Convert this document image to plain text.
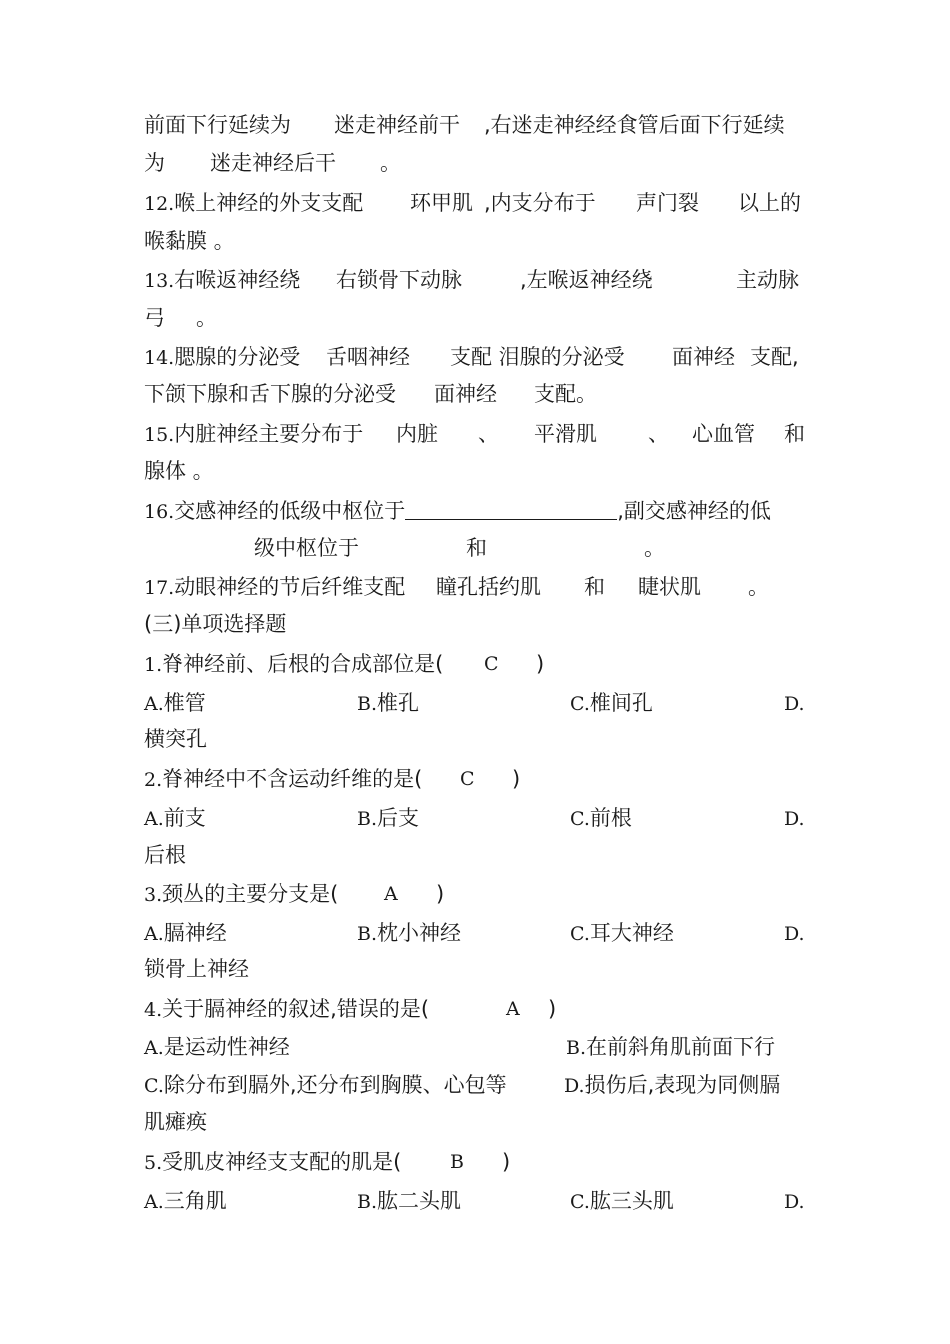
前面下行延续为 迷走神经前干 ,右迷走神经经食管后面下行延续
为 迷走神经后干 。
12.喉上神经的外支支配 环甲肌 ,内支分布于 声门裂 以上的
喉黏膜 。
13.右喉返神经绕 右锁骨下动脉	,左喉返神经绕	主动脉
弓 。
14.腮腺的分泌受 舌咽神经 支配 泪腺的分泌受 面神经 支配,
下颌下腺和舌下腺的分泌受 面神经 支配。
15.内脏神经主要分布于 内脏 、 平滑肌 、 心血管 和
腺体 。
16.交感神经的低级中枢位于	,副交感神经的低
级中枢位于	和	。
17.动眼神经的节后纤维支配 瞳孔括约肌 和 睫状肌 。
(三)单项选择题
1.脊神经前、后根的合成部位是( C )
A.椎管	B.椎孔	C.椎间孔	D.
横突孔
2.脊神经中不含运动纤维的是( C )
A.前支	B.后支	C.前根	D.
后根
3.颈丛的主要分支是( A )
A.膈神经	B.枕小神经	C.耳大神经	D.
锁骨上神经
4.关于膈神经的叙述,错误的是(	A )
A.是运动性神经	B.在前斜角肌前面下行
C.除分布到膈外,还分布到胸膜、心包等	D.损伤后,表现为同侧膈
肌瘫痪
5.受肌皮神经支支配的肌是(	B )
A.三角肌	B.肱二头肌	C.肱三头肌	D.
